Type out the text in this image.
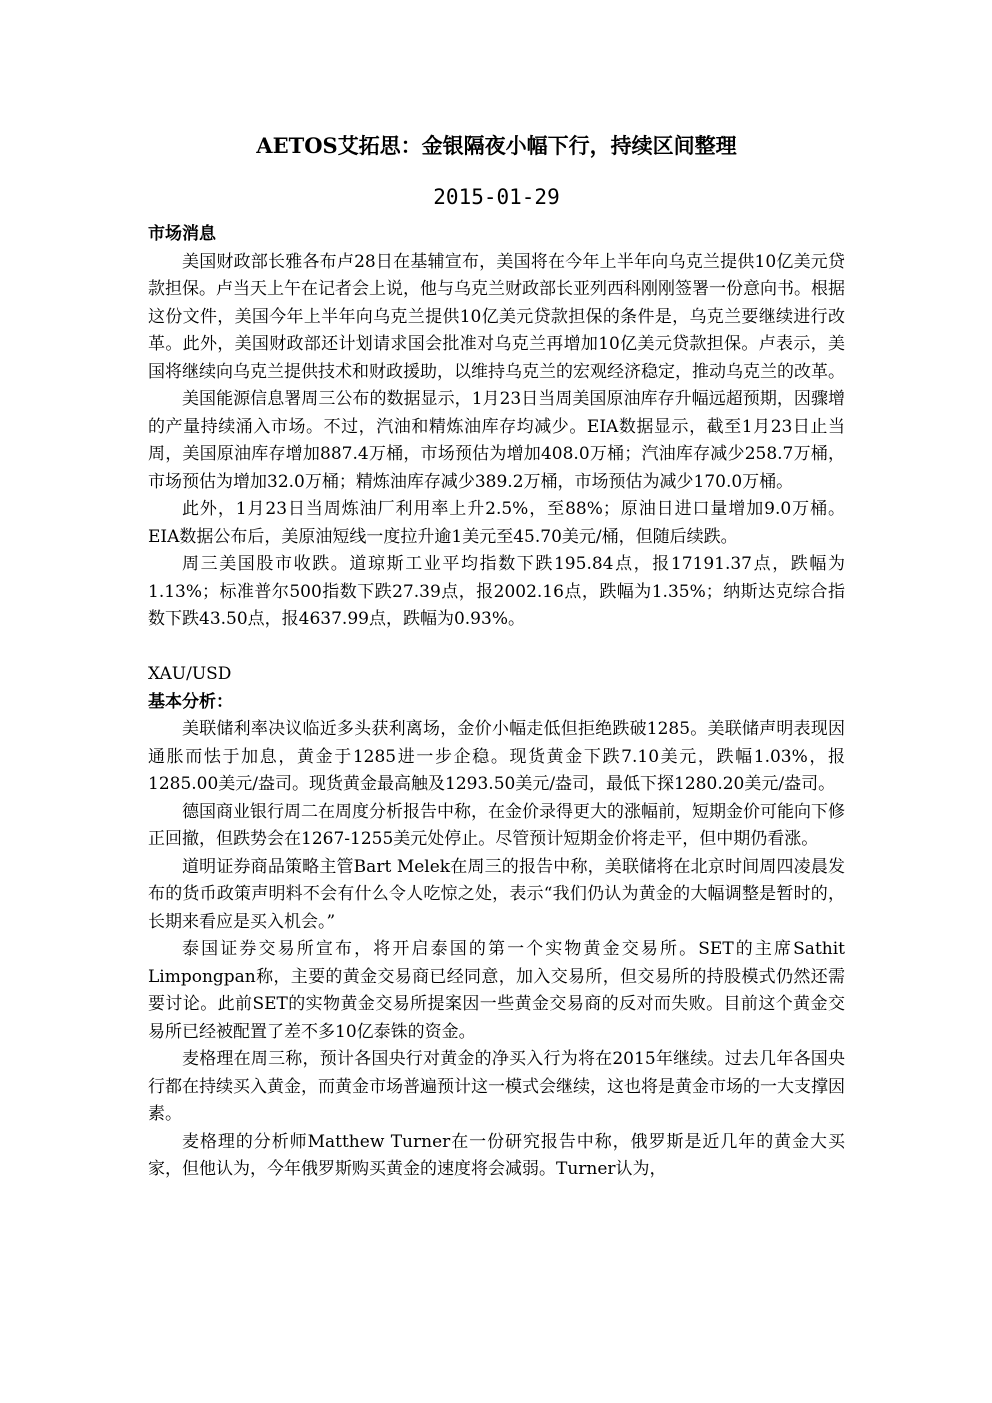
AETOS艾拓思：金银隔夜小幅下行，持续区间整理
2015-01-29
市场消息

美国财政部长雅各布卢28日在基辅宣布，美国将在今年上半年向乌克兰提供10亿美元贷款担保。卢当天上午在记者会上说，他与乌克兰财政部长亚列西科刚刚签署一份意向书。根据这份文件，美国今年上半年向乌克兰提供10亿美元贷款担保的条件是，乌克兰要继续进行改革。此外，美国财政部还计划请求国会批准对乌克兰再增加10亿美元贷款担保。卢表示，美国将继续向乌克兰提供技术和财政援助，以维持乌克兰的宏观经济稳定，推动乌克兰的改革。

美国能源信息署周三公布的数据显示，1月23日当周美国原油库存升幅远超预期，因骤增的产量持续涌入市场。不过，汽油和精炼油库存均减少。EIA数据显示，截至1月23日止当周，美国原油库存增加887.4万桶，市场预估为增加408.0万桶；汽油库存减少258.7万桶，市场预估为增加32.0万桶；精炼油库存减少389.2万桶，市场预估为减少170.0万桶。

此外，1月23日当周炼油厂利用率上升2.5%，至88%；原油日进口量增加9.0万桶。EIA数据公布后，美原油短线一度拉升逾1美元至45.70美元/桶，但随后续跌。

周三美国股市收跌。道琼斯工业平均指数下跌195.84点，报17191.37点，跌幅为1.13%；标准普尔500指数下跌27.39点，报2002.16点，跌幅为1.35%；纳斯达克综合指数下跌43.50点，报4637.99点，跌幅为0.93%。

XAU/USD
基本分析：

美联储利率决议临近多头获利离场，金价小幅走低但拒绝跌破1285。美联储声明表现因通胀而怯于加息，黄金于1285进一步企稳。现货黄金下跌7.10美元，跌幅1.03%，报1285.00美元/盎司。现货黄金最高触及1293.50美元/盎司，最低下探1280.20美元/盎司。

德国商业银行周二在周度分析报告中称，在金价录得更大的涨幅前，短期金价可能向下修正回撤，但跌势会在1267-1255美元处停止。尽管预计短期金价将走平，但中期仍看涨。

道明证券商品策略主管Bart Melek在周三的报告中称，美联储将在北京时间周四凌晨发布的货币政策声明料不会有什么令人吃惊之处，表示“我们仍认为黄金的大幅调整是暂时的，长期来看应是买入机会。”

泰国证券交易所宣布，将开启泰国的第一个实物黄金交易所。SET的主席Sathit Limpongpan称，主要的黄金交易商已经同意，加入交易所，但交易所的持股模式仍然还需要讨论。此前SET的实物黄金交易所提案因一些黄金交易商的反对而失败。目前这个黄金交易所已经被配置了差不多10亿泰铢的资金。

麦格理在周三称，预计各国央行对黄金的净买入行为将在2015年继续。过去几年各国央行都在持续买入黄金，而黄金市场普遍预计这一模式会继续，这也将是黄金市场的一大支撑因素。

麦格理的分析师Matthew Turner在一份研究报告中称，俄罗斯是近几年的黄金大买家，但他认为，今年俄罗斯购买黄金的速度将会减弱。Turner认为，
